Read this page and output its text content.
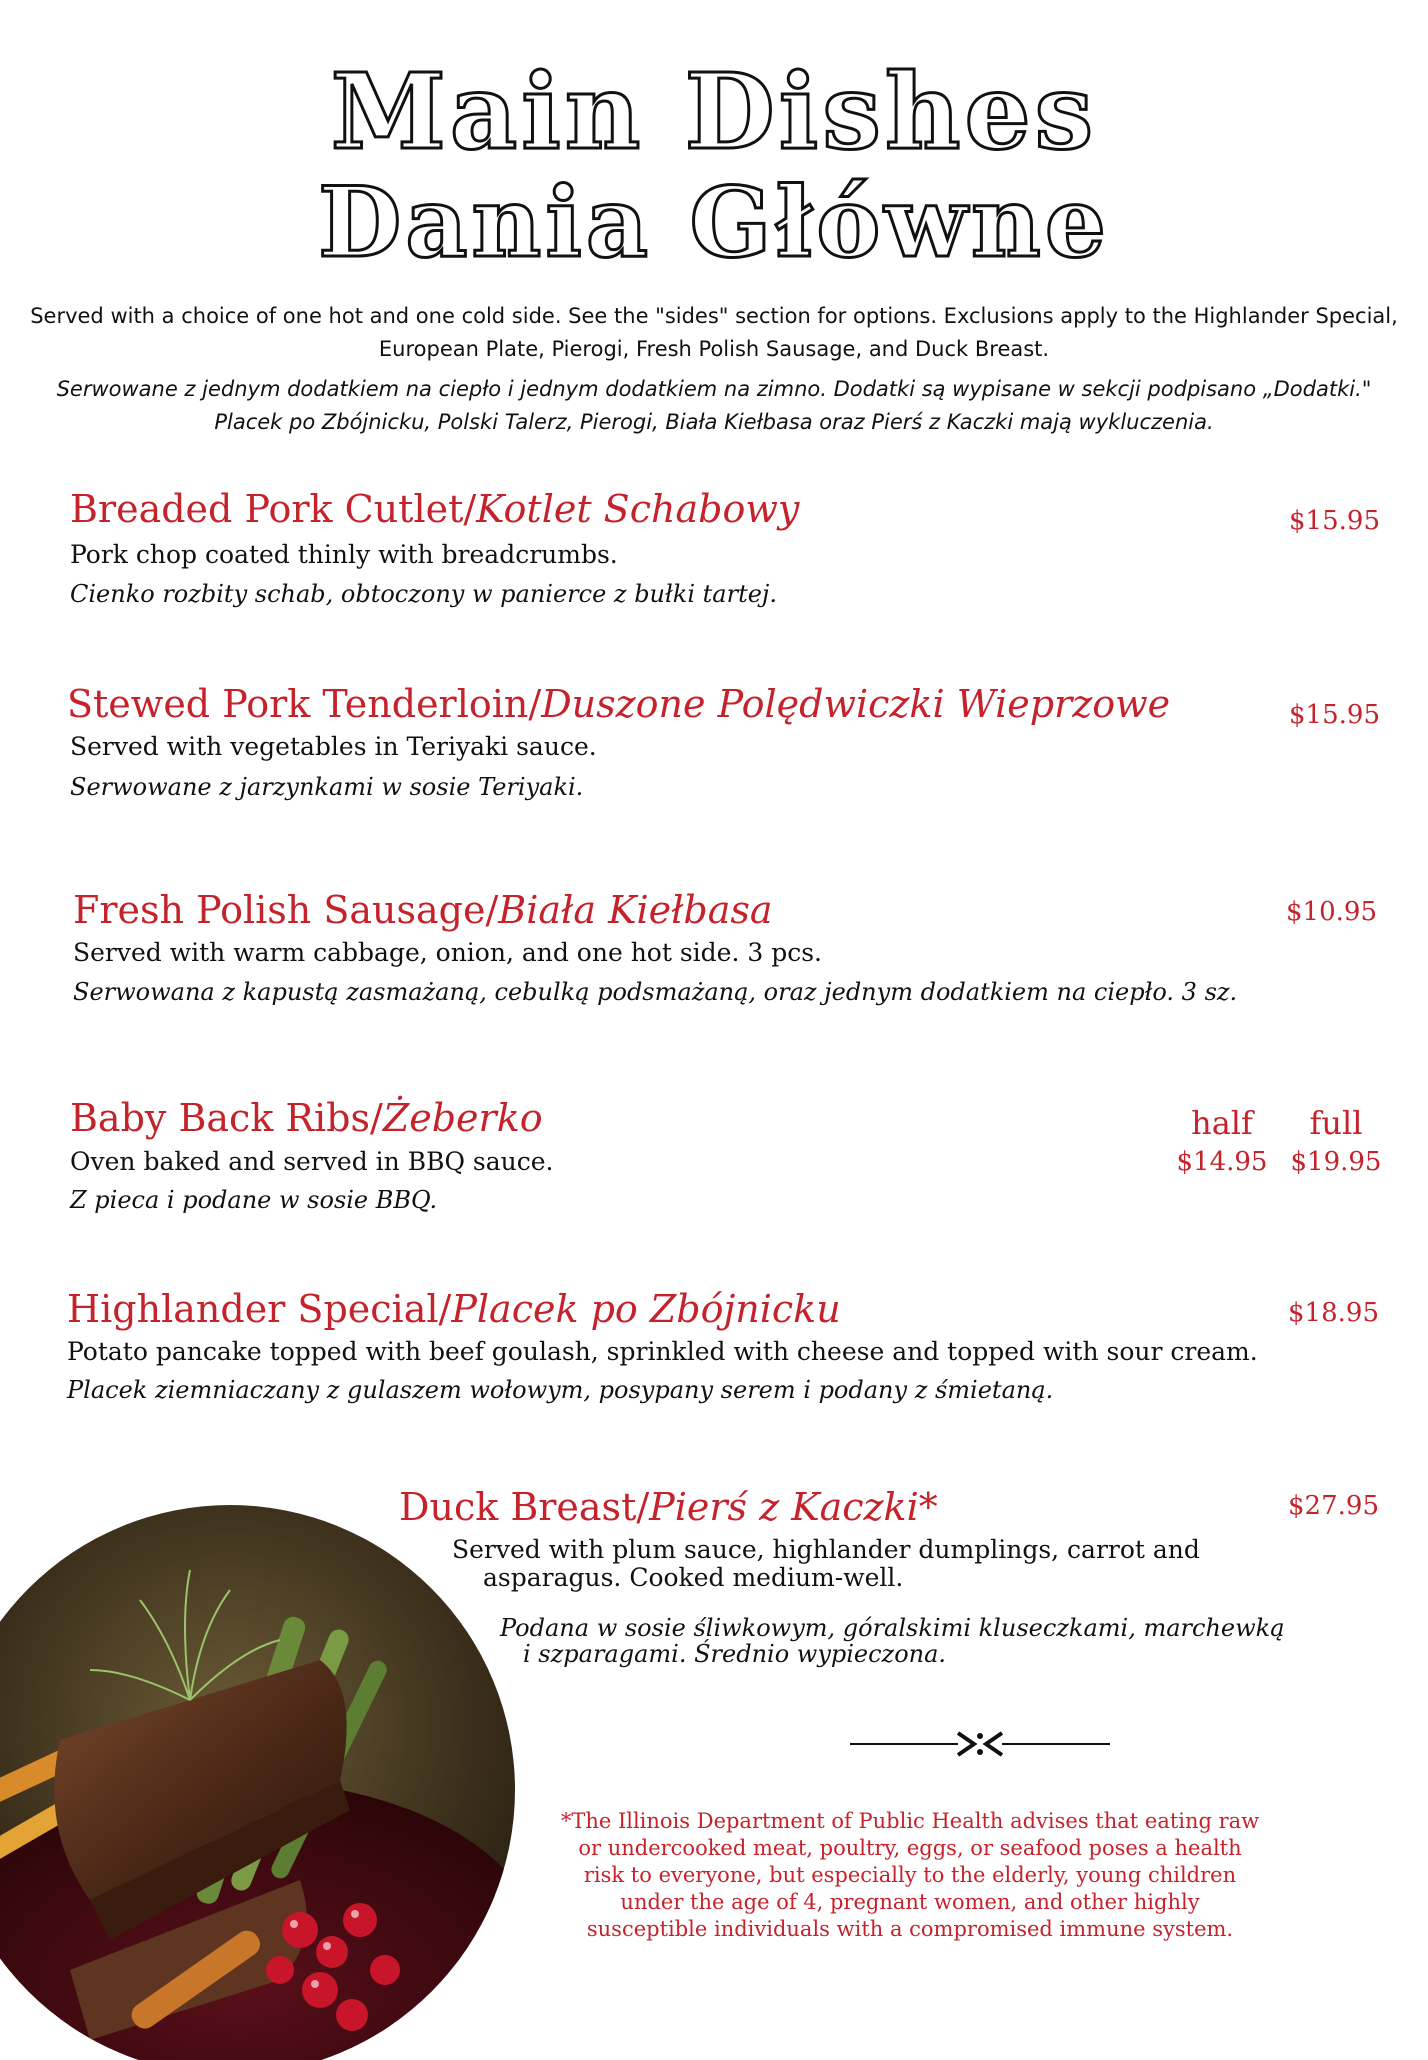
Main Dishes
Dania Główne
Served with a choice of one hot and one cold side. See the "sides" section for options. Exclusions apply to the Highlander Special, European Plate, Pierogi, Fresh Polish Sausage, and Duck Breast.
Serwowane z jednym dodatkiem na ciepło i jednym dodatkiem na zimno. Dodatki są wypisane w sekcji podpisano „Dodatki." Placek po Zbójnicku, Polski Talerz, Pierogi, Biała Kiełbasa oraz Pierś z Kaczki mają wykluczenia.
Breaded Pork Cutlet/Kotlet Schabowy	$15.95
Pork chop coated thinly with breadcrumbs.
Cienko rozbity schab, obtoczony w panierce z bułki tartej.
Stewed Pork Tenderloin/Duszone Polędwiczki Wieprzowe	$15.95
Served with vegetables in Teriyaki sauce.
Serwowane z jarzynkami w sosie Teriyaki.
Fresh Polish Sausage/Biała Kiełbasa	$10.95
Served with warm cabbage, onion, and one hot side. 3 pcs.
Serwowana z kapustą zasmażaną, cebulką podsmażaną, oraz jednym dodatkiem na ciepło. 3 sz.
Baby Back Ribs/Żeberko	half	full
$14.95 $19.95
Oven baked and served in BBQ sauce.
Z pieca i podane w sosie BBQ.
Highlander Special/Placek po Zbójnicku	$18.95
Potato pancake topped with beef goulash, sprinkled with cheese and topped with sour cream.
Placek ziemniaczany z gulaszem wołowym, posypany serem i podany z śmietaną.
Duck Breast/Pierś z Kaczki*	$27.95
Served with plum sauce, highlander dumplings, carrot and
asparagus. Cooked medium-well.
Podana w sosie śliwkowym, góralskimi kluseczkami, marchewką
i szparagami. Średnio wypieczona.
*The Illinois Department of Public Health advises that eating raw or undercooked meat, poultry, eggs, or seafood poses a health risk to everyone, but especially to the elderly, young children under the age of 4, pregnant women, and other highly susceptible individuals with a compromised immune system.
